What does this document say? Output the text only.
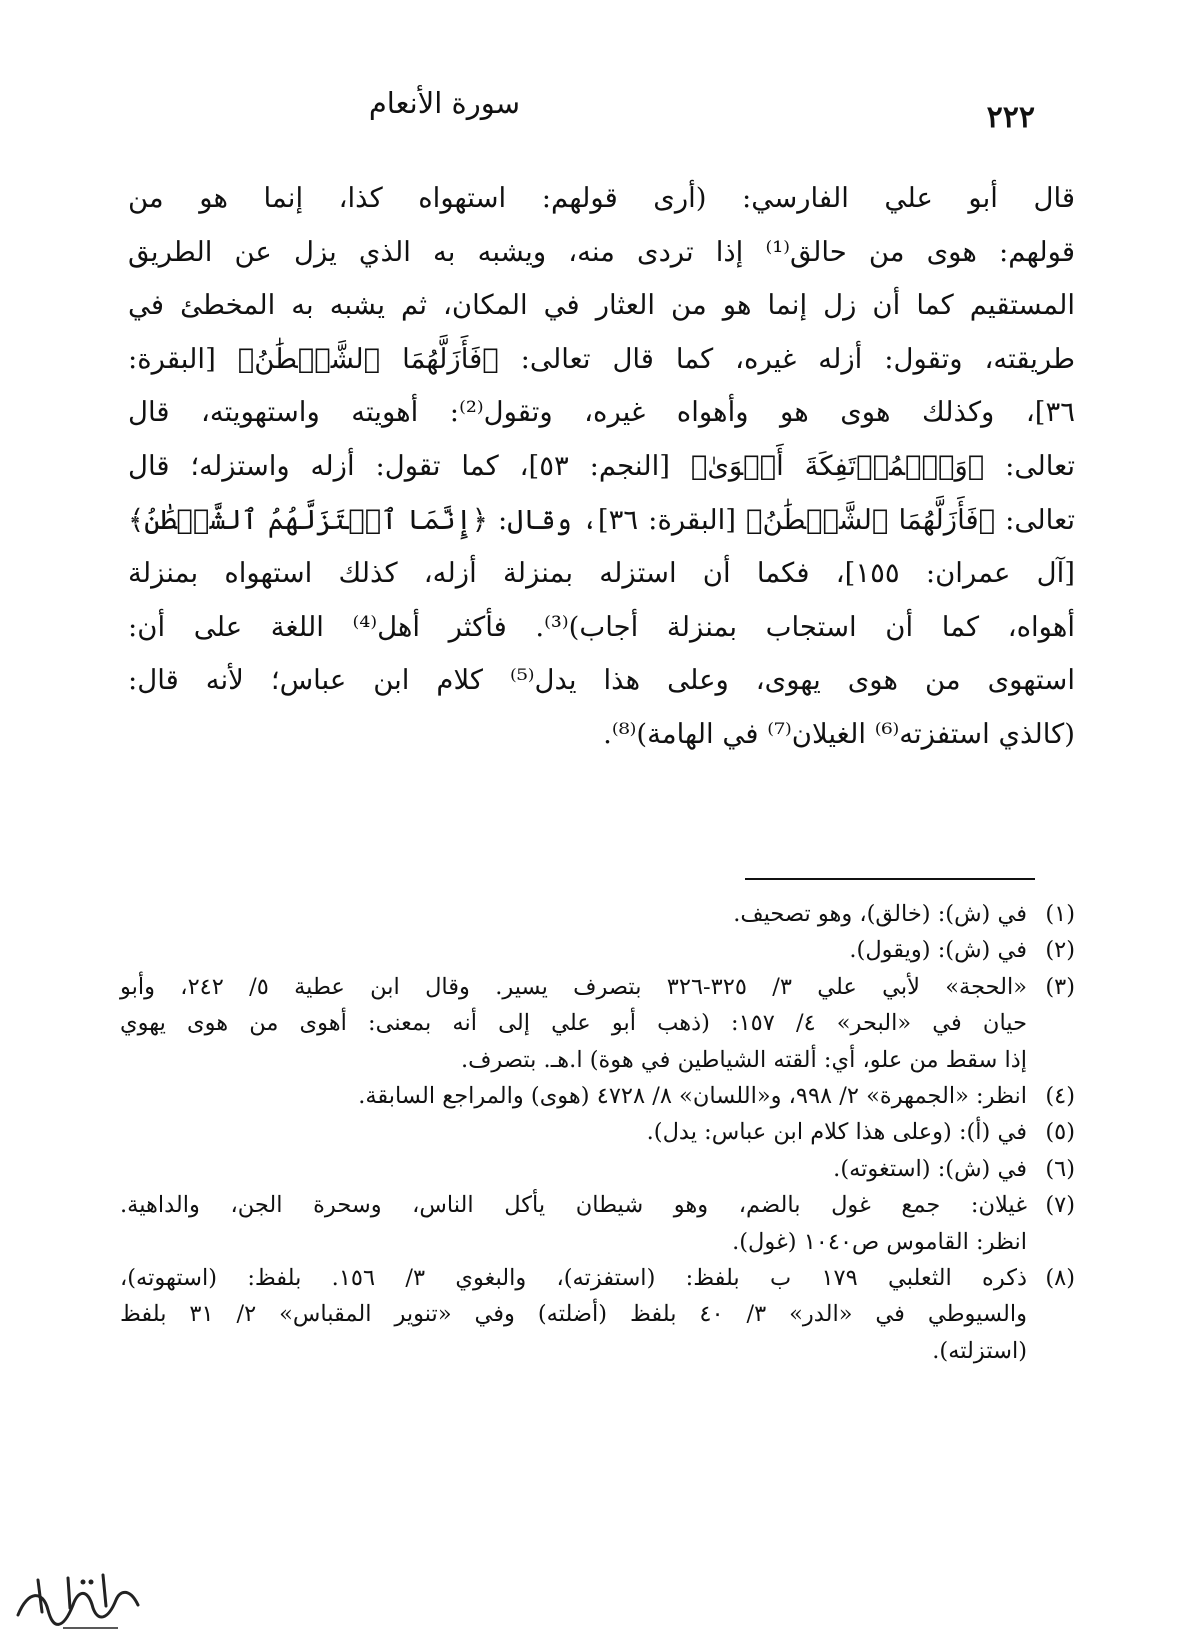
٢٢٢
سورة الأنعام
قال أبو علي الفارسي: (أرى قولهم: استهواه كذا، إنما هو من
قولهم: هوى من حالق⁽¹⁾ إذا تردى منه، ويشبه به الذي يزل عن الطريق
المستقيم كما أن زل إنما هو من العثار في المكان، ثم يشبه به المخطئ في
طريقته، وتقول: أزله غيره، كما قال تعالى: ﴿فَأَزَلَّهُمَا ٱلشَّيۡطَٰنُ﴾ [البقرة:
٣٦]، وكذلك هوى هو وأهواه غيره، وتقول⁽²⁾: أهويته واستهويته، قال
تعالى: ﴿وَٱلۡمُؤۡتَفِكَةَ أَهۡوَىٰ﴾ [النجم: ٥٣]، كما تقول: أزله واستزله؛ قال
تعالى: ﴿فَأَزَلَّهُمَا ٱلشَّيۡطَٰنُ﴾ [البقرة: ٣٦]، وقال: ﴿إِنَّمَا ٱسۡتَزَلَّهُمُ ٱلشَّيۡطَٰنُ﴾
[آل عمران: ١٥٥]، فكما أن استزله بمنزلة أزله، كذلك استهواه بمنزلة
أهواه، كما أن استجاب بمنزلة أجاب)⁽³⁾. فأكثر أهل⁽⁴⁾ اللغة على أن:
استهوى من هوى يهوى، وعلى هذا يدل⁽⁵⁾ كلام ابن عباس؛ لأنه قال:
(كالذي استفزته⁽⁶⁾ الغيلان⁽⁷⁾ في الهامة)⁽⁸⁾.
(١)
في (ش): (خالق)، وهو تصحيف.
(٢)
في (ش): (ويقول).
(٣)
«الحجة» لأبي علي ٣/ ٣٢٥-٣٢٦ بتصرف يسير. وقال ابن عطية ٥/ ٢٤٢، وأبو
حيان في «البحر» ٤/ ١٥٧: (ذهب أبو علي إلى أنه بمعنى: أهوى من هوى يهوي
إذا سقط من علو، أي: ألقته الشياطين في هوة) ا.هـ. بتصرف.
(٤)
انظر: «الجمهرة» ٢/ ٩٩٨، و«اللسان» ٨/ ٤٧٢٨ (هوى) والمراجع السابقة.
(٥)
في (أ): (وعلى هذا كلام ابن عباس: يدل).
(٦)
في (ش): (استغوته).
(٧)
غيلان: جمع غول بالضم، وهو شيطان يأكل الناس، وسحرة الجن، والداهية.
انظر: القاموس ص١٠٤٠ (غول).
(٨)
ذكره الثعلبي ١٧٩ ب بلفظ: (استفزته)، والبغوي ٣/ ١٥٦. بلفظ: (استهوته)،
والسيوطي في «الدر» ٣/ ٤٠ بلفظ (أضلته) وفي «تنوير المقباس» ٢/ ٣١ بلفظ
(استزلته).
